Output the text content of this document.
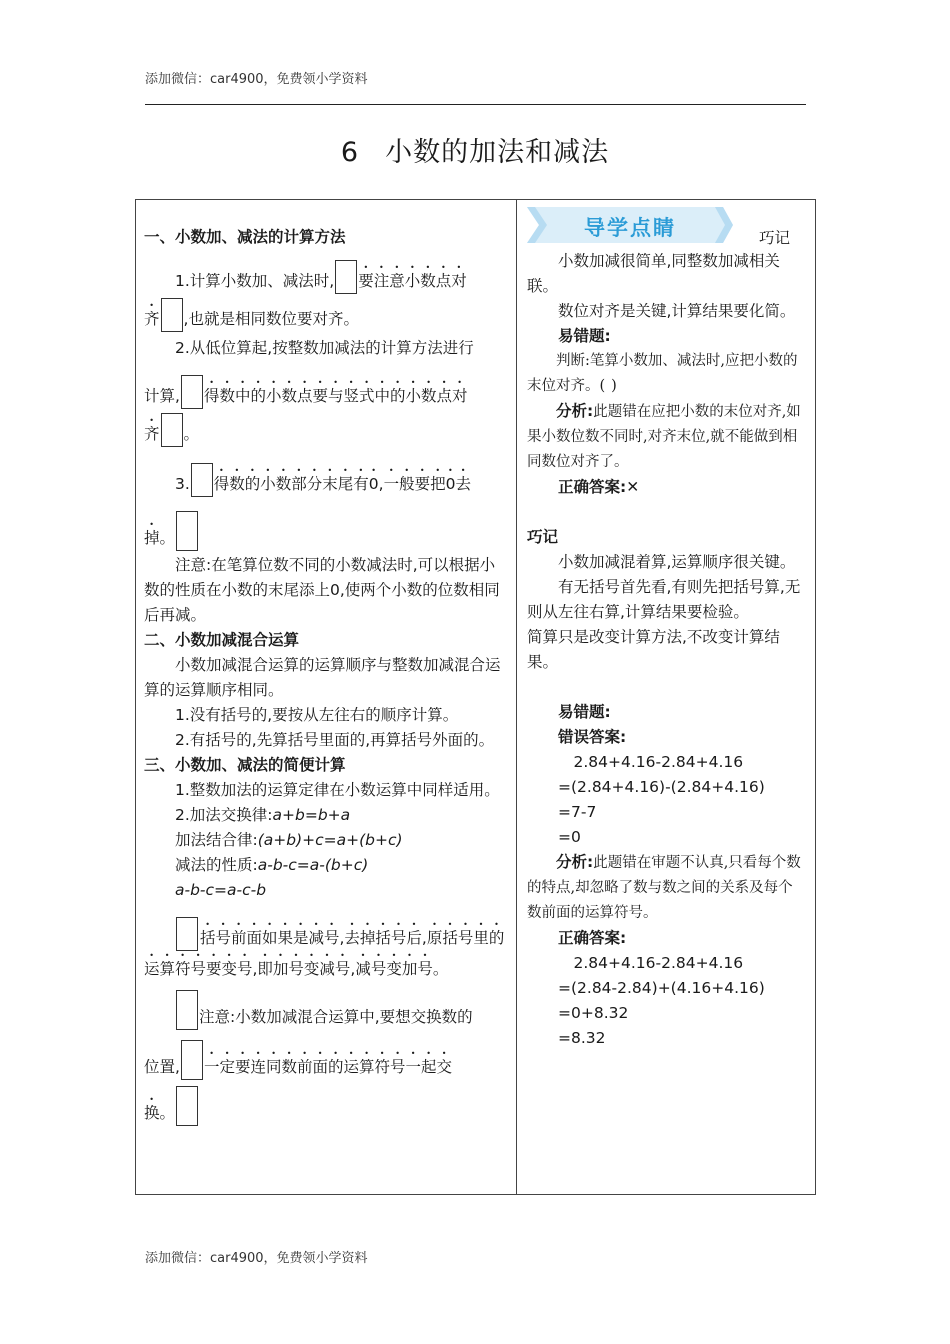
添加微信：car4900，免费领小学资料
6 小数的加法和减法

一、小数加、减法的计算方法

1.计算小数加、减法时, 要注意小数点对

齐 ,也就是相同数位要对齐。

2.从低位算起,按整数加减法的计算方法进行

计算, 得数中的小数点要与竖式中的小数点对

齐 。

3. 得数的小数部分末尾有0,一般要把0去

掉。

注意:在笔算位数不同的小数减法时,可以根据小数的性质在小数的末尾添上0,使两个小数的位数相同后再减。

二、小数加减混合运算

小数加减混合运算的运算顺序与整数加减混合运算的运算顺序相同。

1.没有括号的,要按从左往右的顺序计算。

2.有括号的,先算括号里面的,再算括号外面的。

三、小数加、减法的简便计算

1.整数加法的运算定律在小数运算中同样适用。

2.加法交换律:a+b=b+a

加法结合律:(a+b)+c=a+(b+c)

减法的性质:a-b-c=a-(b+c)

a-b-c=a-c-b

括号前面如果是减号,去掉括号后,原括号里的运算符号要变号,即加号变减号,减号变加号。

注意:小数加减混合运算中,要想交换数的

位置, 一定要连同数前面的运算符号一起交

换。

导学点睛	巧记

小数加减很简单,同整数加减相关联。

数位对齐是关键,计算结果要化简。

易错题:

判断:笔算小数加、减法时,应把小数的末位对齐。( )

分析:此题错在应把小数的末位对齐,如果小数位数不同时,对齐末位,就不能做到相同数位对齐了。

正确答案:✕

巧记

小数加减混着算,运算顺序很关键。

有无括号首先看,有则先把括号算,无则从左往右算,计算结果要检验。

简算只是改变计算方法,不改变计算结果。

易错题:

错误答案:

2.84+4.16-2.84+4.16

=(2.84+4.16)-(2.84+4.16)

=7-7

=0

分析:此题错在审题不认真,只看每个数的特点,却忽略了数与数之间的关系及每个数前面的运算符号。

正确答案:

2.84+4.16-2.84+4.16

=(2.84-2.84)+(4.16+4.16)

=0+8.32

=8.32

添加微信：car4900，免费领小学资料
